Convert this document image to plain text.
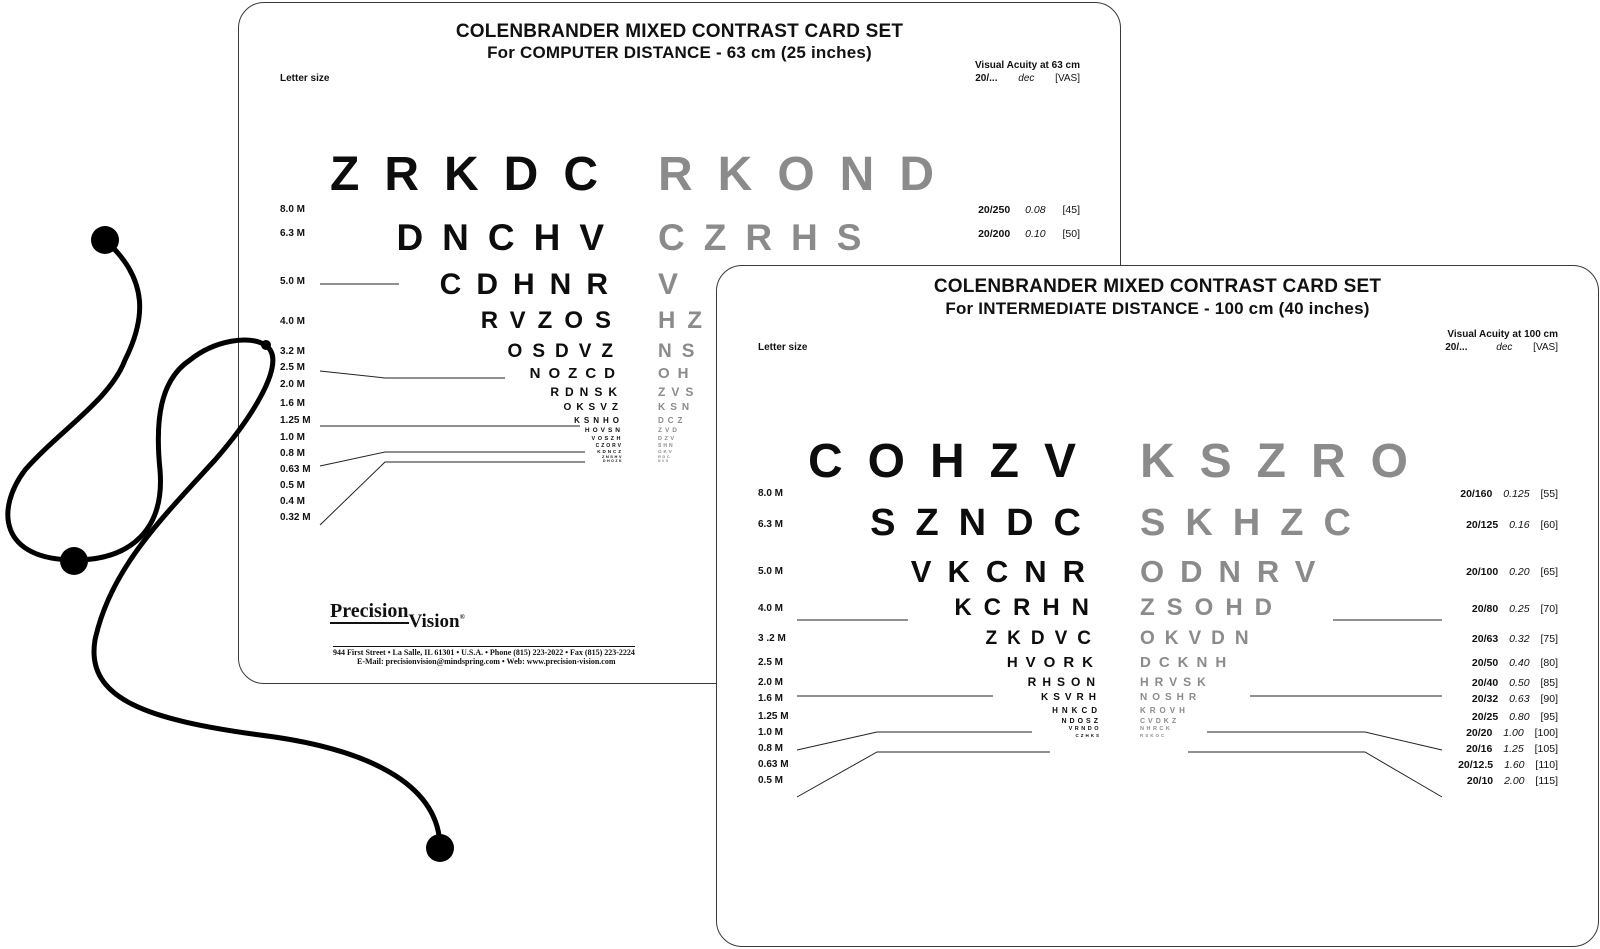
COLENBRANDER MIXED CONTRAST CARD SET
For COMPUTER DISTANCE - 63 cm (25 inches)
Letter size
Visual Acuity at 63 cm
20/... dec [VAS]
8.0 M
6.3 M
5.0 M
4.0 M
3.2 M
2.5 M
2.0 M
1.6 M
1.25 M
1.0 M
0.8 M
0.63 M
0.5 M
0.4 M
0.32 M
ZRKDC
DNCHV
CDHNR
RVZOS
OSDVZ
NOZCD
RDNSK
OKSVZ
KSNHO
HOVSN
VOSZH
CZORV
KDNCZ
ZNSHV
DHOZK
RKOND
CZRHS
V
HZ
NS
OH
ZVS
KSN
DCZ
ZVD
DZV
SHN
OKV
RDC
NVS
20/250 0.08 [45]
20/200 0.10 [50]
PrecisionVision®
944 First Street • La Salle, IL 61301 • U.S.A. • Phone (815) 223-2022 • Fax (815) 223-2224
E-Mail: precisionvision@mindspring.com • Web: www.precision-vision.com
COLENBRANDER MIXED CONTRAST CARD SET
For INTERMEDIATE DISTANCE - 100 cm (40 inches)
Letter size
Visual Acuity at 100 cm
20/...	dec [VAS]
8.0 M
6.3 M
5.0 M
4.0 M
3 .2 M
2.5 M
2.0 M
1.6 M
1.25 M
1.0 M
0.8 M
0.63 M
0.5 M
COHZV
SZNDC
VKCNR
KCRHN
ZKDVC
HVORK
RHSON
KSVRH
HNKCD
NDOSZ
VRNDO
CZHKS
KSZRO
SKHZC
ODNRV
ZSOHD
OKVDN
DCKNH
HRVSK
NOSHR
KROVH
CVDKZ
NHRCK
RSKOC
20/160 0.125 [55]
20/125 0.16 [60]
20/100 0.20 [65]
20/80 0.25 [70]
20/63 0.32 [75]
20/50 0.40 [80]
20/40 0.50 [85]
20/32 0.63 [90]
20/25 0.80 [95]
20/20 1.00 [100]
20/16 1.25 [105]
20/12.5 1.60 [110]
20/10 2.00 [115]
